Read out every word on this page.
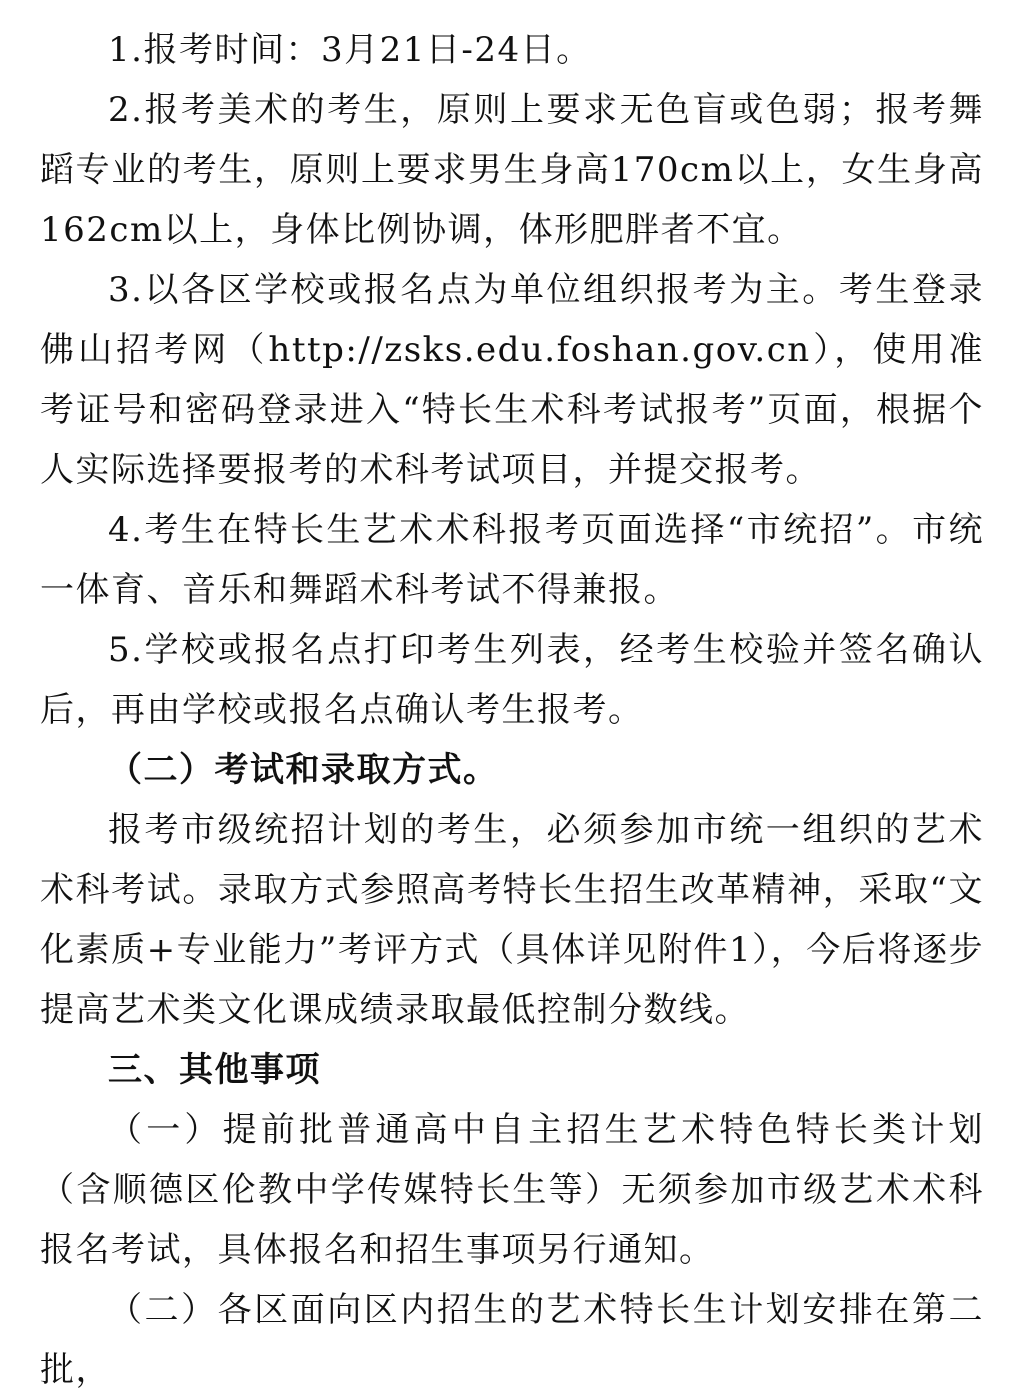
1.报考时间：3月21日-24日。

2.报考美术的考生，原则上要求无色盲或色弱；报考舞蹈专业的考生，原则上要求男生身高170cm以上，女生身高162cm以上，身体比例协调，体形肥胖者不宜。

3.以各区学校或报名点为单位组织报考为主。考生登录佛山招考网（http://zsks.edu.foshan.gov.cn），使用准考证号和密码登录进入“特长生术科考试报考”页面，根据个人实际选择要报考的术科考试项目，并提交报考。

4.考生在特长生艺术术科报考页面选择“市统招”。市统一体育、音乐和舞蹈术科考试不得兼报。

5.学校或报名点打印考生列表，经考生校验并签名确认后，再由学校或报名点确认考生报考。

（二）考试和录取方式。

报考市级统招计划的考生，必须参加市统一组织的艺术术科考试。录取方式参照高考特长生招生改革精神，采取“文化素质+专业能力”考评方式（具体详见附件1），今后将逐步提高艺术类文化课成绩录取最低控制分数线。

三、其他事项

（一）提前批普通高中自主招生艺术特色特长类计划（含顺德区伦教中学传媒特长生等）无须参加市级艺术术科报名考试，具体报名和招生事项另行通知。

（二）各区面向区内招生的艺术特长生计划安排在第二批，
